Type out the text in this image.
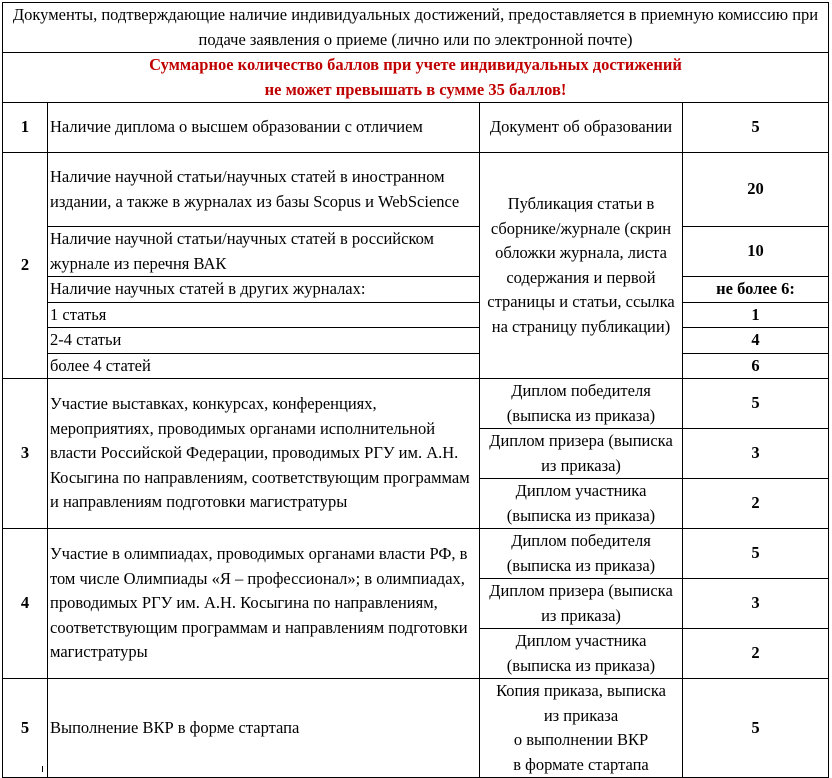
Документы, подтверждающие наличие индивидуальных достижений, предоставляется в приемную комиссию при подаче заявления о приеме (лично или по электронной почте)			

Суммарное количество баллов при учете индивидуальных достижений
не может превышать в сумме 35 баллов!			

1	Наличие диплома о высшем образовании с отличием	Документ об образовании	5
2	Наличие научной статьи/научных статей в иностранном издании, а также в журналах из базы Scopus и WebScience	Публикация статьи в сборнике/журнале (скрин обложки журнала, листа содержания и первой страницы и статьи, ссылка на страницу публикации)	20
	Наличие научной статьи/научных статей в российском журнале из перечня ВАК		10
	Наличие научных статей в других журналах:		не более 6:
	1 статья		1
	2-4 статьи		4
	более 4 статей		6
3	Участие выставках, конкурсах, конференциях, мероприятиях, проводимых органами исполнительной власти Российской Федерации, проводимых РГУ им. А.Н. Косыгина по направлениям, соответствующим программам и направлениям подготовки магистратуры	Диплом победителя (выписка из приказа)	5
		Диплом призера (выписка из приказа)	3
		Диплом участника (выписка из приказа)	2
4	Участие в олимпиадах, проводимых органами власти РФ, в том числе Олимпиады «Я – профессионал»; в олимпиадах, проводимых РГУ им. А.Н. Косыгина по направлениям, соответствующим программам и направлениям подготовки магистратуры	Диплом победителя (выписка из приказа)	5
		Диплом призера (выписка из приказа)	3
		Диплом участника (выписка из приказа)	2
5	Выполнение ВКР в форме стартапа	Копия приказа, выписка
из приказа
о выполнении ВКР
в формате стартапа	5
